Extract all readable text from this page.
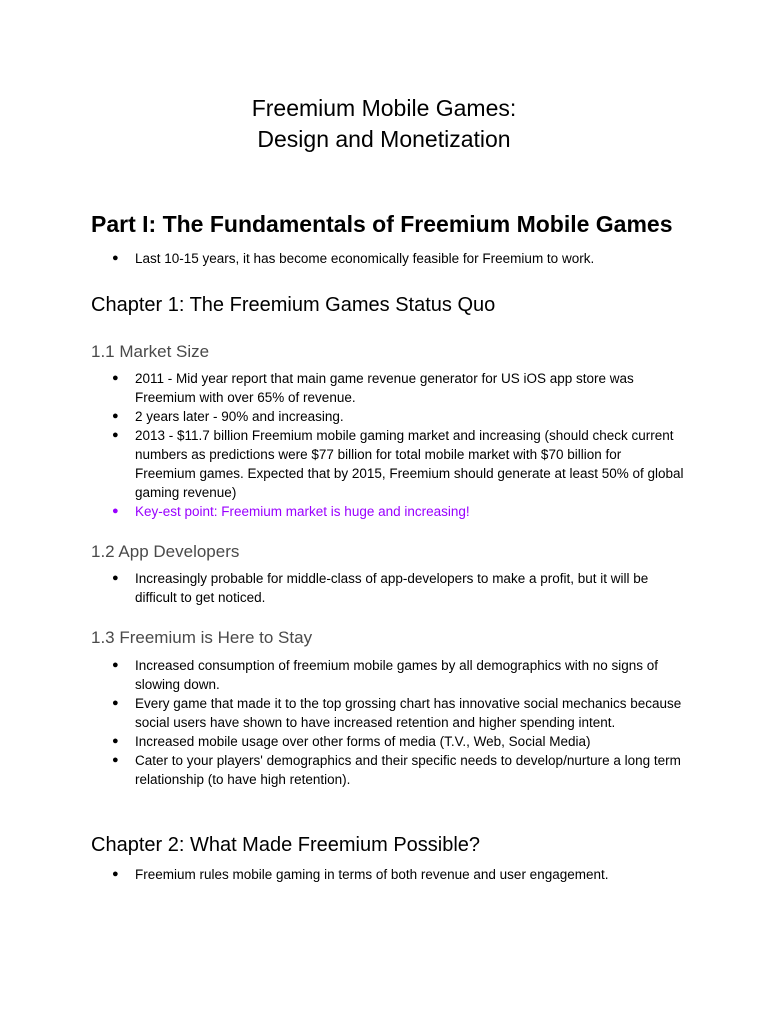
Freemium Mobile Games:
Design and Monetization
Part I: The Fundamentals of Freemium Mobile Games
● Last 10-15 years, it has become economically feasible for Freemium to work.
Chapter 1: The Freemium Games Status Quo
1.1 Market Size
● 2011 - Mid year report that main game revenue generator for US iOS app store was Freemium with over 65% of revenue.
● 2 years later - 90% and increasing.
● 2013 - $11.7 billion Freemium mobile gaming market and increasing (should check current numbers as predictions were $77 billion for total mobile market with $70 billion for Freemium games. Expected that by 2015, Freemium should generate at least 50% of global gaming revenue)
● Key-est point: Freemium market is huge and increasing!
1.2 App Developers
● Increasingly probable for middle-class of app-developers to make a profit, but it will be difficult to get noticed.
1.3 Freemium is Here to Stay
● Increased consumption of freemium mobile games by all demographics with no signs of slowing down.
● Every game that made it to the top grossing chart has innovative social mechanics because social users have shown to have increased retention and higher spending intent.
● Increased mobile usage over other forms of media (T.V., Web, Social Media)
● Cater to your players' demographics and their specific needs to develop/nurture a long term relationship (to have high retention).
Chapter 2: What Made Freemium Possible?
● Freemium rules mobile gaming in terms of both revenue and user engagement.
